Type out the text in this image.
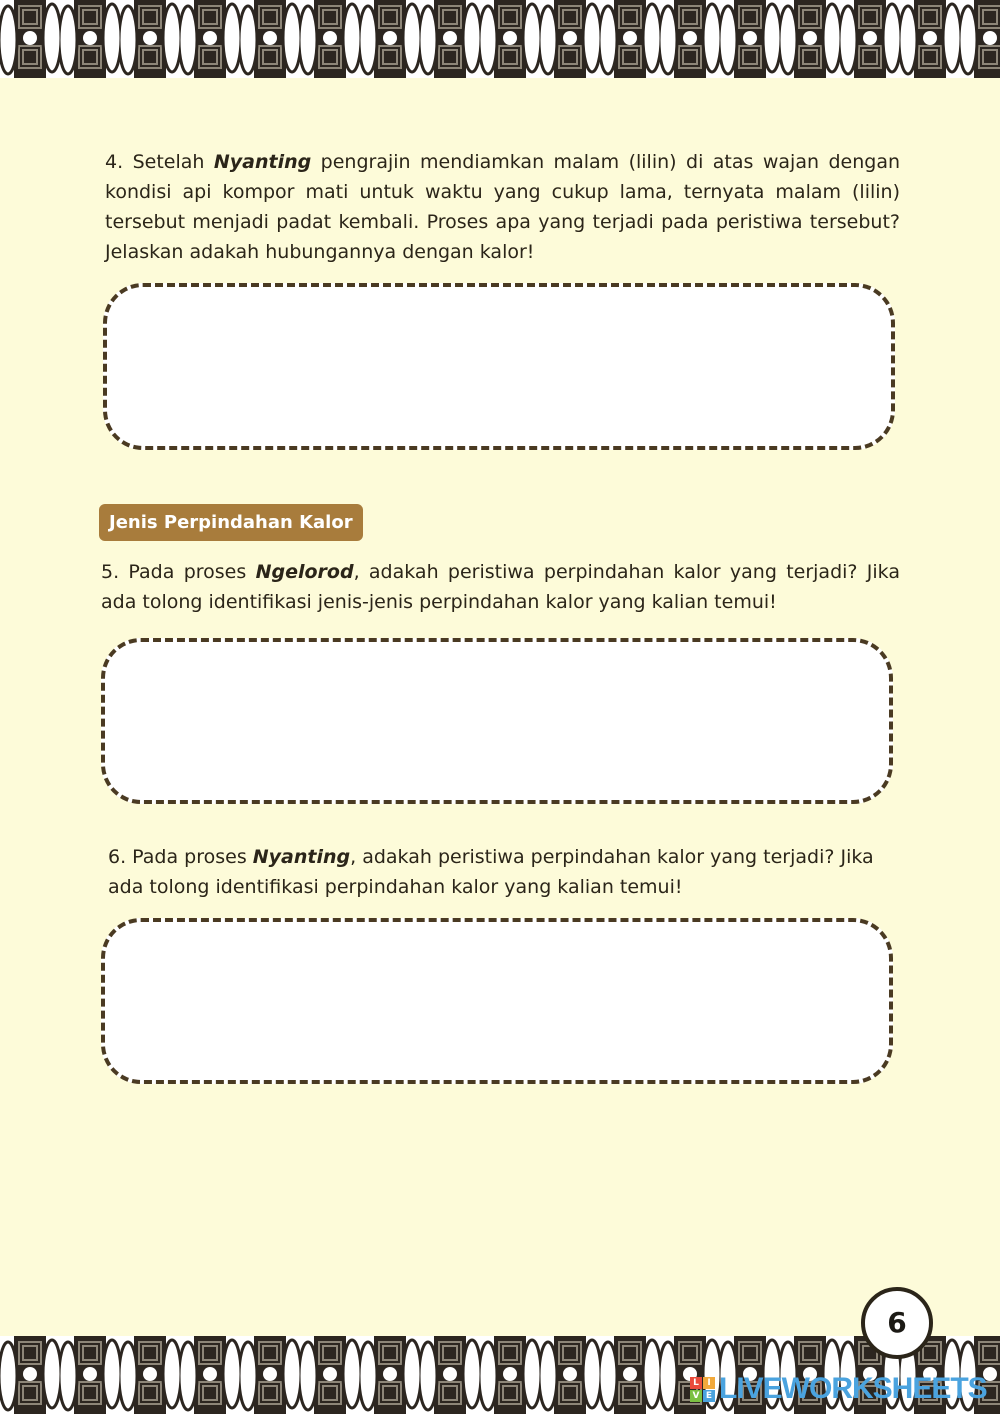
4. Setelah Nyanting pengrajin mendiamkan malam (lilin) di atas wajan dengan kondisi api kompor mati untuk waktu yang cukup lama, ternyata malam (lilin) tersebut menjadi padat kembali. Proses apa yang terjadi pada peristiwa tersebut? Jelaskan adakah hubungannya dengan kalor!
Jenis Perpindahan Kalor
5. Pada proses Ngelorod, adakah peristiwa perpindahan kalor yang terjadi? Jika ada tolong identifikasi jenis-jenis perpindahan kalor yang kalian temui!
6. Pada proses Nyanting, adakah peristiwa perpindahan kalor yang terjadi? Jika ada tolong identifikasi perpindahan kalor yang kalian temui!
6
L I
V E LIVEWORKSHEETS
